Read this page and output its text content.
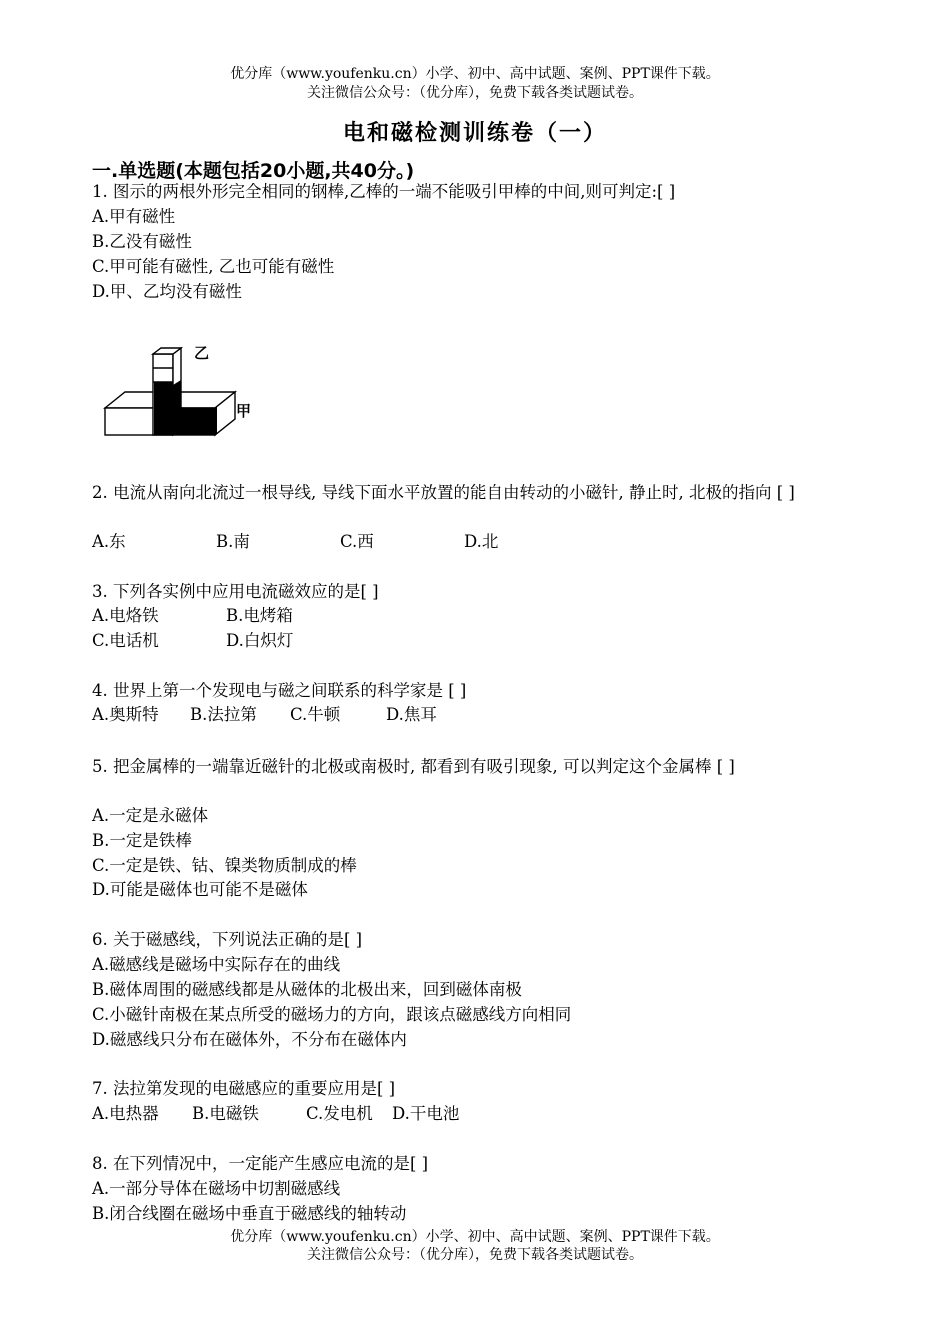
优分库（www.youfenku.cn）小学、初中、高中试题、案例、PPT课件下载。
关注微信公众号：（优分库），免费下载各类试题试卷。
电和磁检测训练卷（一）
一.单选题(本题包括20小题,共40分。)
1. 图示的两根外形完全相同的钢棒,乙棒的一端不能吸引甲棒的中间,则可判定:[ ]
A.甲有磁性
B.乙没有磁性
C.甲可能有磁性, 乙也可能有磁性
D.甲、乙均没有磁性
乙
甲
2. 电流从南向北流过一根导线, 导线下面水平放置的能自由转动的小磁针, 静止时, 北极的指向 [ ]
A.东	B.南	C.西	D.北
3. 下列各实例中应用电流磁效应的是[ ]
A.电烙铁	B.电烤箱
C.电话机	D.白炽灯
4. 世界上第一个发现电与磁之间联系的科学家是 [ ]
A.奥斯特 B.法拉第 C.牛顿	D.焦耳
5. 把金属棒的一端靠近磁针的北极或南极时, 都看到有吸引现象, 可以判定这个金属棒 [ ]
A.一定是永磁体
B.一定是铁棒
C.一定是铁、钴、镍类物质制成的棒
D.可能是磁体也可能不是磁体
6. 关于磁感线，下列说法正确的是[ ]
A.磁感线是磁场中实际存在的曲线
B.磁体周围的磁感线都是从磁体的北极出来，回到磁体南极
C.小磁针南极在某点所受的磁场力的方向，跟该点磁感线方向相同
D.磁感线只分布在磁体外，不分布在磁体内
7. 法拉第发现的电磁感应的重要应用是[ ]
A.电热器 B.电磁铁	C.发电机 D.干电池
8. 在下列情况中，一定能产生感应电流的是[ ]
A.一部分导体在磁场中切割磁感线
B.闭合线圈在磁场中垂直于磁感线的轴转动
优分库（www.youfenku.cn）小学、初中、高中试题、案例、PPT课件下载。
关注微信公众号：（优分库），免费下载各类试题试卷。
